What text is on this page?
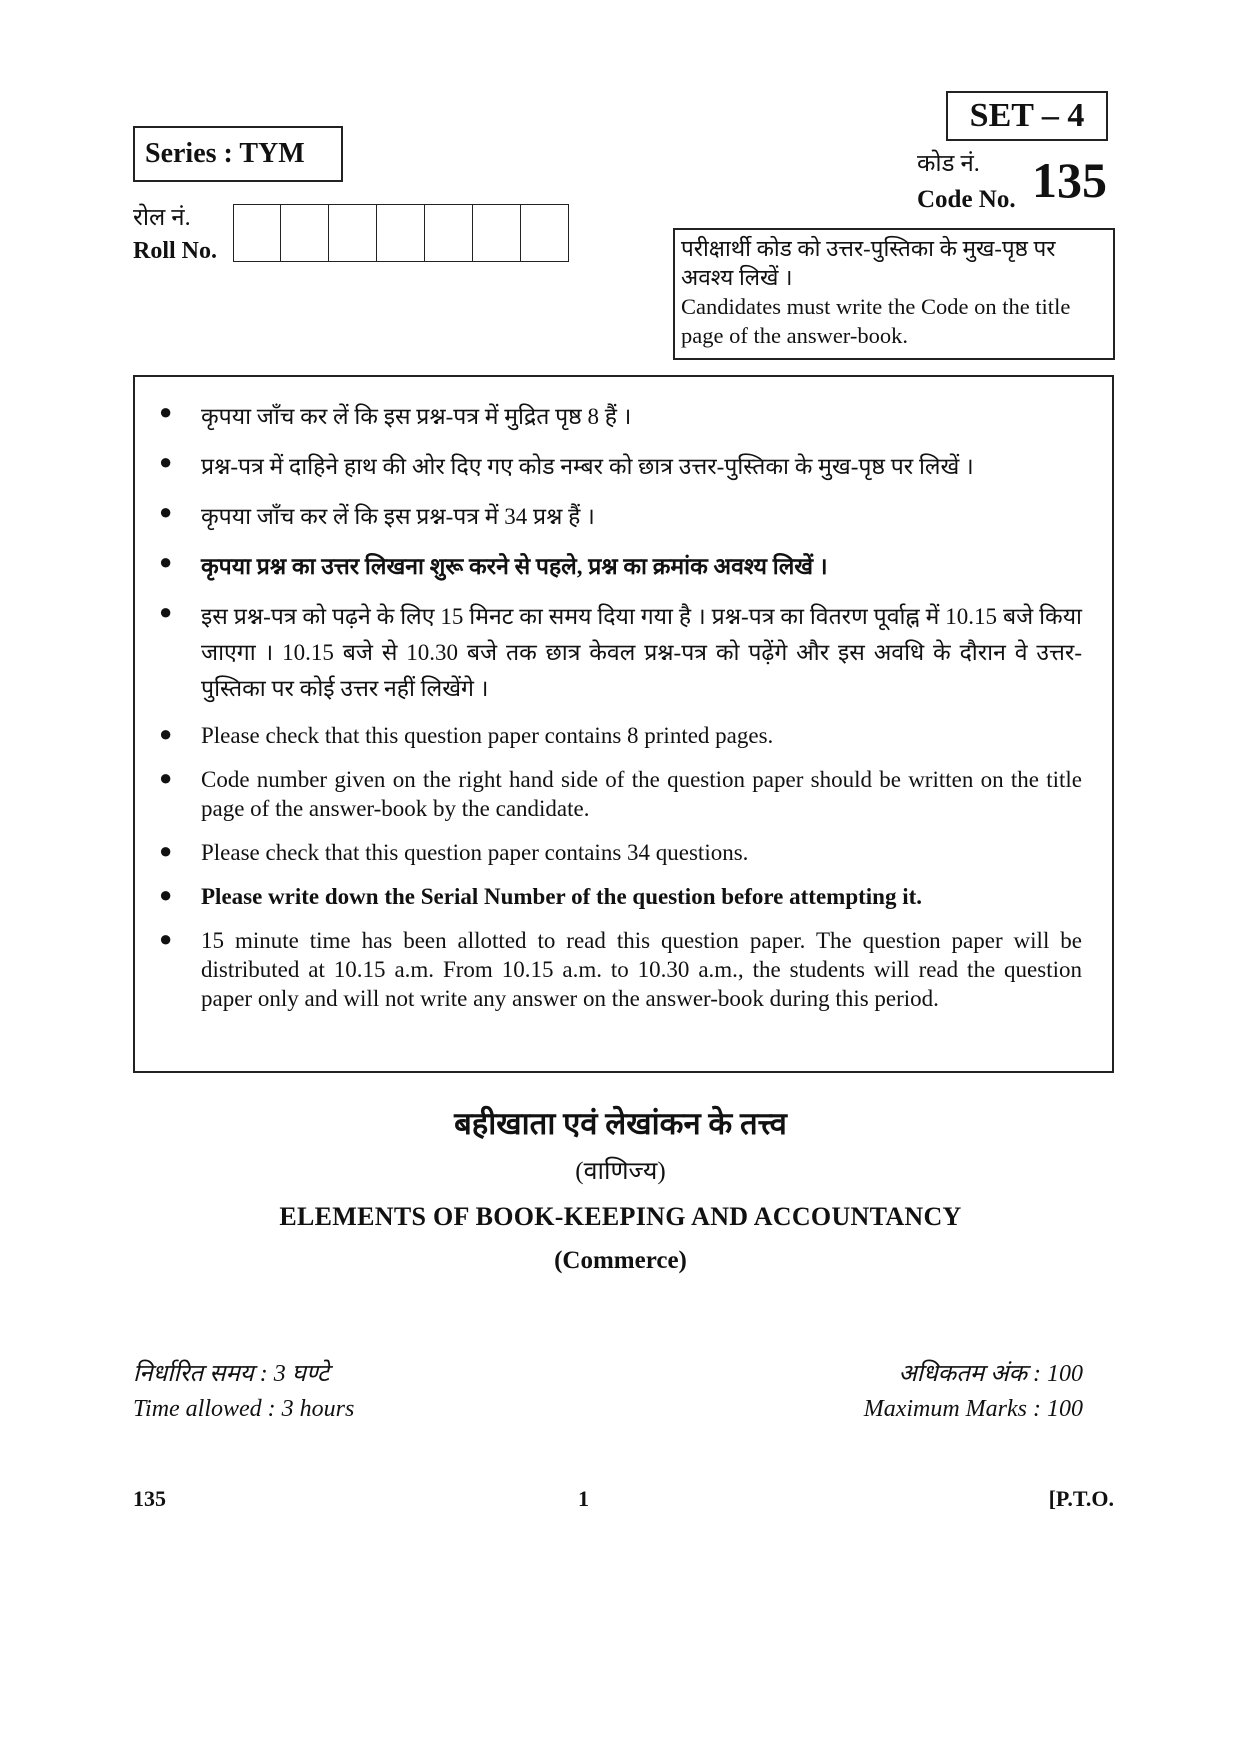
Series : TYM
SET – 4
कोड नं.
Code No. 135
रोल नं.
Roll No.	परीक्षार्थी कोड को उत्तर-पुस्तिका के मुख-पृष्ठ पर अवश्य लिखें ।
Candidates must write the Code on the title page of the answer-book.
●	कृपया जाँच कर लें कि इस प्रश्न-पत्र में मुद्रित पृष्ठ 8 हैं ।
●	प्रश्न-पत्र में दाहिने हाथ की ओर दिए गए कोड नम्बर को छात्र उत्तर-पुस्तिका के मुख-पृष्ठ पर लिखें ।
●	कृपया जाँच कर लें कि इस प्रश्न-पत्र में 34 प्रश्न हैं ।
●	कृपया प्रश्न का उत्तर लिखना शुरू करने से पहले, प्रश्न का क्रमांक अवश्य लिखें ।
●	इस प्रश्न-पत्र को पढ़ने के लिए 15 मिनट का समय दिया गया है । प्रश्न-पत्र का वितरण पूर्वाह्न में 10.15 बजे किया जाएगा । 10.15 बजे से 10.30 बजे तक छात्र केवल प्रश्न-पत्र को पढ़ेंगे और इस अवधि के दौरान वे उत्तर-पुस्तिका पर कोई उत्तर नहीं लिखेंगे ।
●	Please check that this question paper contains 8 printed pages.
●	Code number given on the right hand side of the question paper should be written on the title page of the answer-book by the candidate.
●	Please check that this question paper contains 34 questions.
●	Please write down the Serial Number of the question before attempting it.
●	15 minute time has been allotted to read this question paper. The question paper will be distributed at 10.15 a.m. From 10.15 a.m. to 10.30 a.m., the students will read the question paper only and will not write any answer on the answer-book during this period.
बहीखाता एवं लेखांकन के तत्त्व
(वाणिज्य)
ELEMENTS OF BOOK-KEEPING AND ACCOUNTANCY
(Commerce)
निर्धारित समय : 3 घण्टे
Time allowed : 3 hours
अधिकतम अंक : 100
Maximum Marks : 100
135	1	[P.T.O.
